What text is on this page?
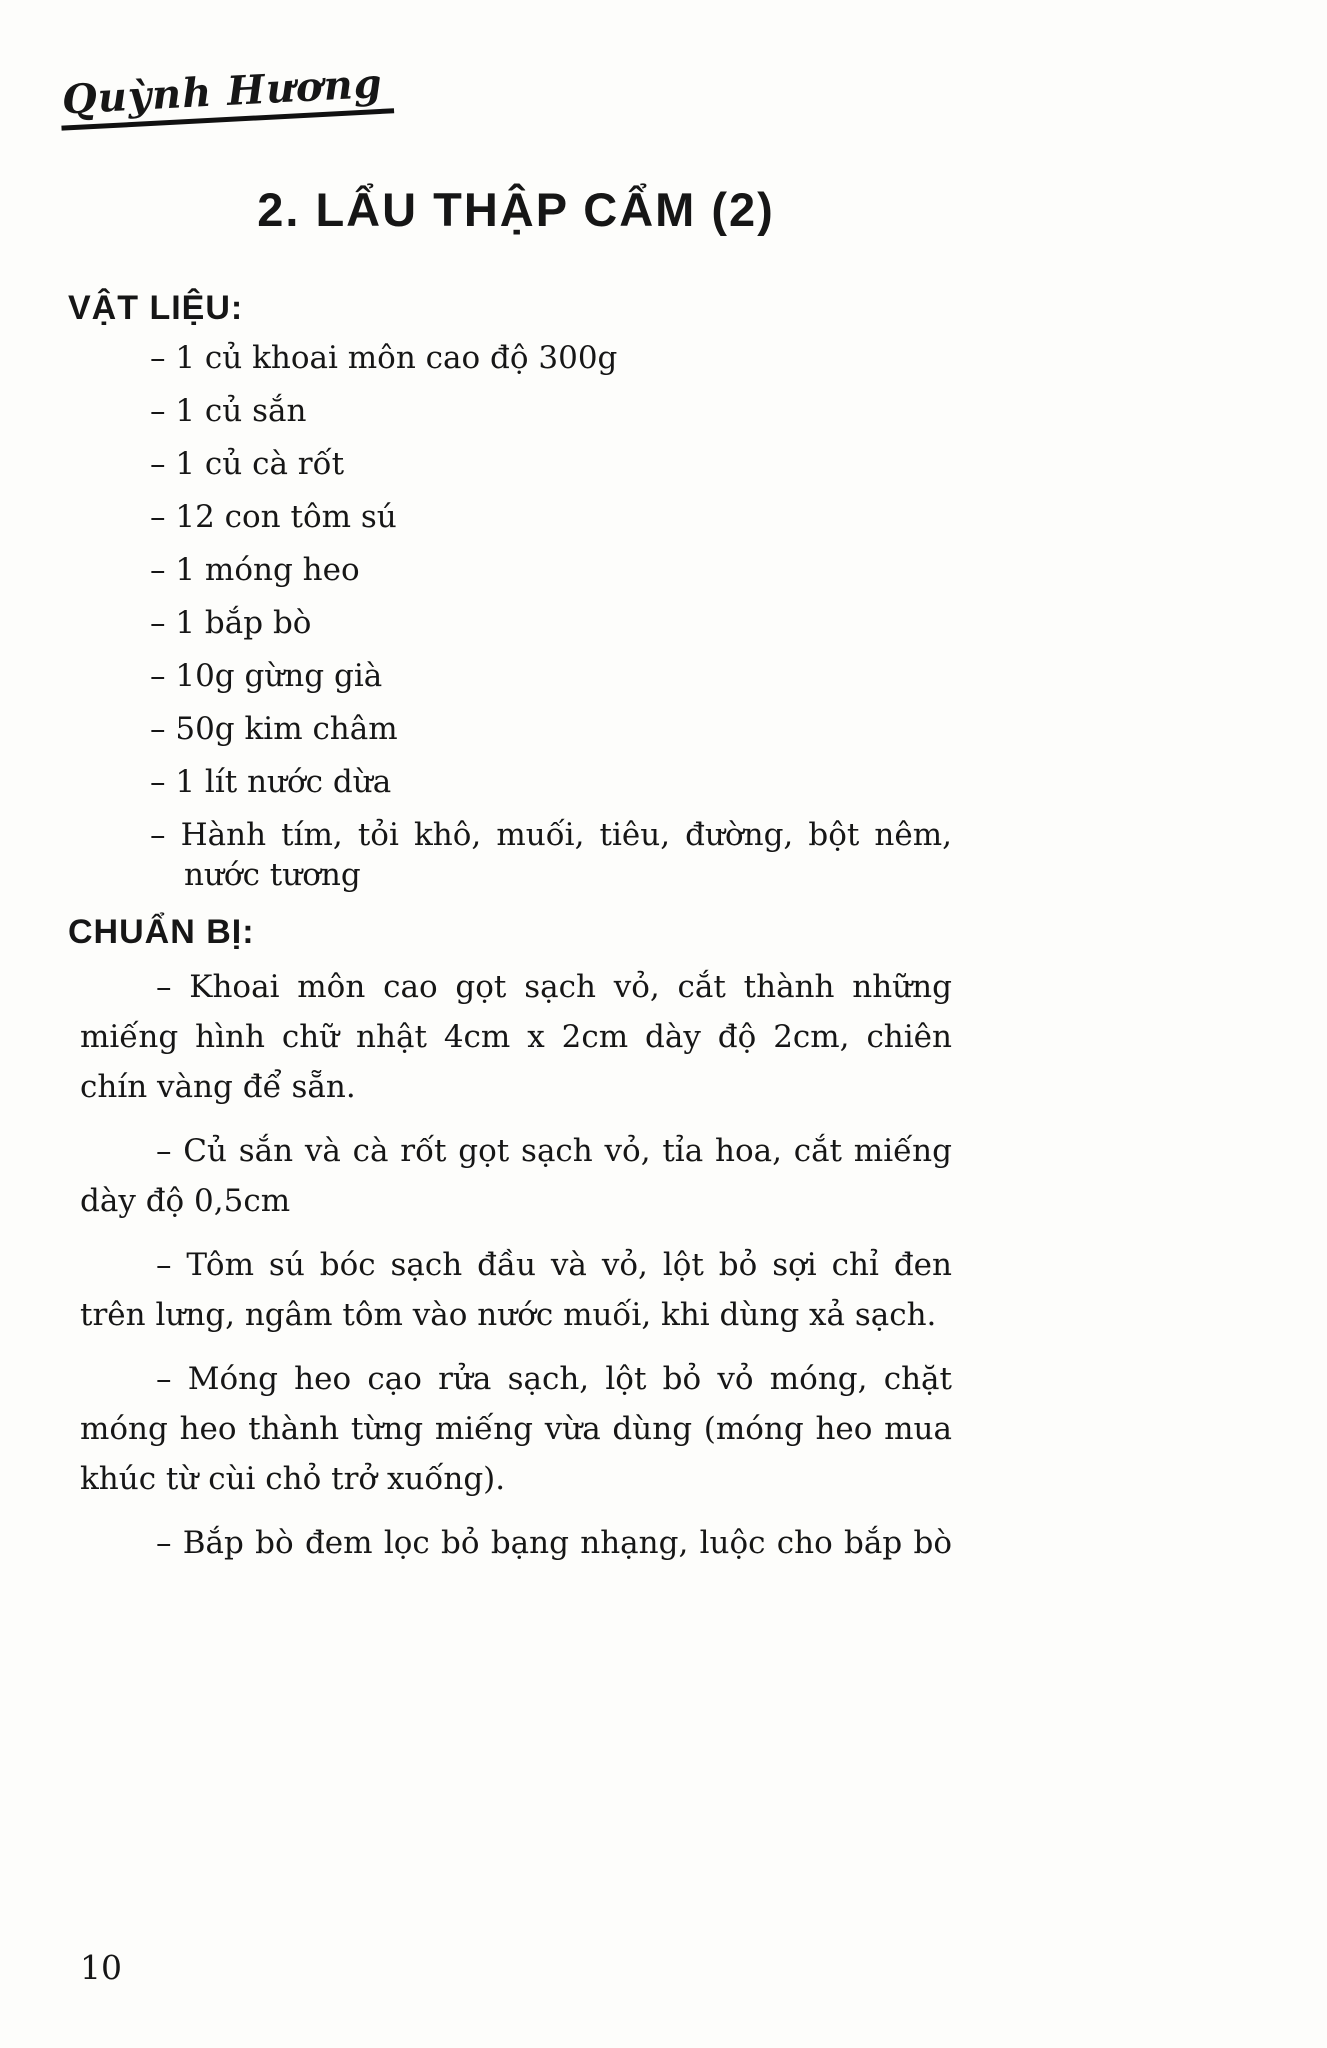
Quỳnh Hương
2. LẨU THẬP CẨM (2)
VẬT LIỆU:
– 1 củ khoai môn cao độ 300g
– 1 củ sắn
– 1 củ cà rốt
– 12 con tôm sú
– 1 móng heo
– 1 bắp bò
– 10g gừng già
– 50g kim châm
– 1 lít nước dừa
– Hành tím, tỏi khô, muối, tiêu, đường, bột nêm, nước tương
CHUẨN BỊ:

– Khoai môn cao gọt sạch vỏ, cắt thành những miếng hình chữ nhật 4cm x 2cm dày độ 2cm, chiên chín vàng để sẵn.

– Củ sắn và cà rốt gọt sạch vỏ, tỉa hoa, cắt miếng dày độ 0,5cm

– Tôm sú bóc sạch đầu và vỏ, lột bỏ sợi chỉ đen trên lưng, ngâm tôm vào nước muối, khi dùng xả sạch.

– Móng heo cạo rửa sạch, lột bỏ vỏ móng, chặt móng heo thành từng miếng vừa dùng (móng heo mua khúc từ cùi chỏ trở xuống).

– Bắp bò đem lọc bỏ bạng nhạng, luộc cho bắp bò

10
